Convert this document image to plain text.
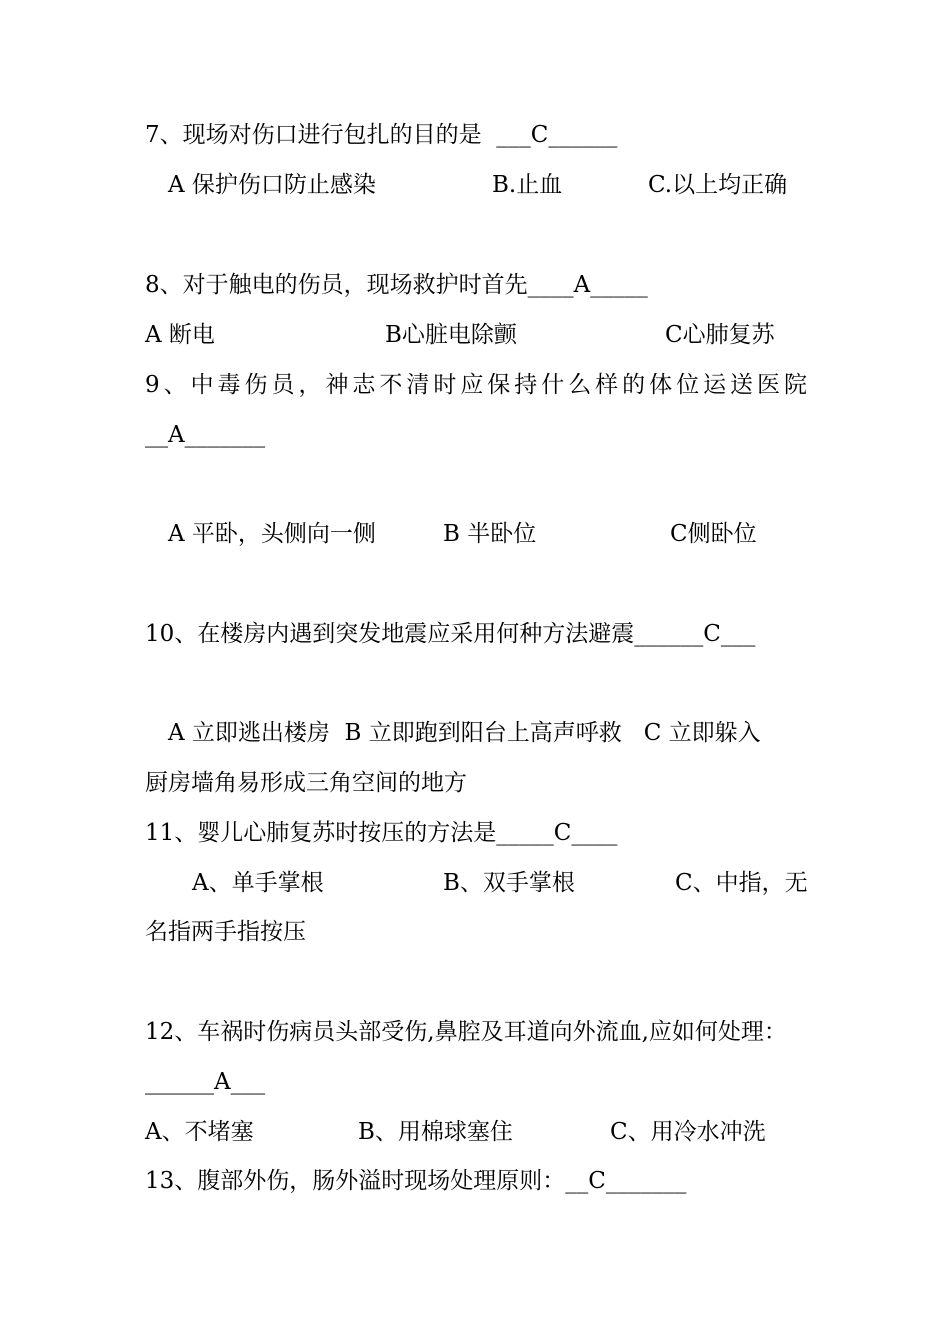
7、现场对伤口进行包扎的目的是  ___C______
A 保护伤口防止感染	B.止血	C.以上均正确
8、对于触电的伤员，现场救护时首先____A_____
A 断电	B心脏电除颤	C心肺复苏
9、中毒伤员，神志不清时应保持什么样的体位运送医院
__A_______
A 平卧，头侧向一侧	B 半卧位	C侧卧位
10、在楼房内遇到突发地震应采用何种方法避震______C___
A 立即逃出楼房  B 立即跑到阳台上高声呼救   C 立即躲入
厨房墙角易形成三角空间的地方
11、婴儿心肺复苏时按压的方法是_____C____
A、单手掌根	B、双手掌根	C、中指，无
名指两手指按压
12、车祸时伤病员头部受伤,鼻腔及耳道向外流血,应如何处理：
______A___
A、不堵塞	B、用棉球塞住	C、用冷水冲洗
13、腹部外伤，肠外溢时现场处理原则：__C_______
